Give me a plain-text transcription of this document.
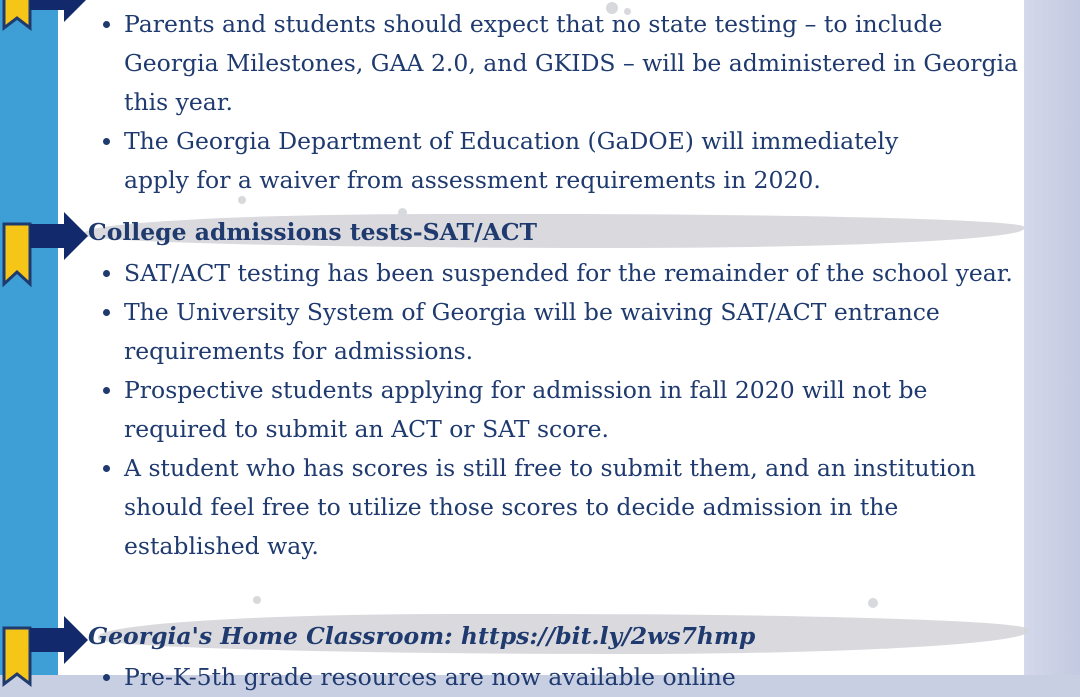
Parents and students should expect that no state testing – to include Georgia Milestones, GAA 2.0, and GKIDS – will be administered in Georgia this year.
The Georgia Department of Education (GaDOE) will immediately apply for a waiver from assessment requirements in 2020.
College admissions tests-SAT/ACT
SAT/ACT testing has been suspended for the remainder of the school year.
The University System of Georgia will be waiving SAT/ACT entrance requirements for admissions.
Prospective students applying for admission in fall 2020 will not be required to submit an ACT or SAT score.
A student who has scores is still free to submit them, and an institution should feel free to utilize those scores to decide admission in the established way.
Georgia's Home Classroom: https://bit.ly/2ws7hmp
Pre-K-5th grade resources are now available online
